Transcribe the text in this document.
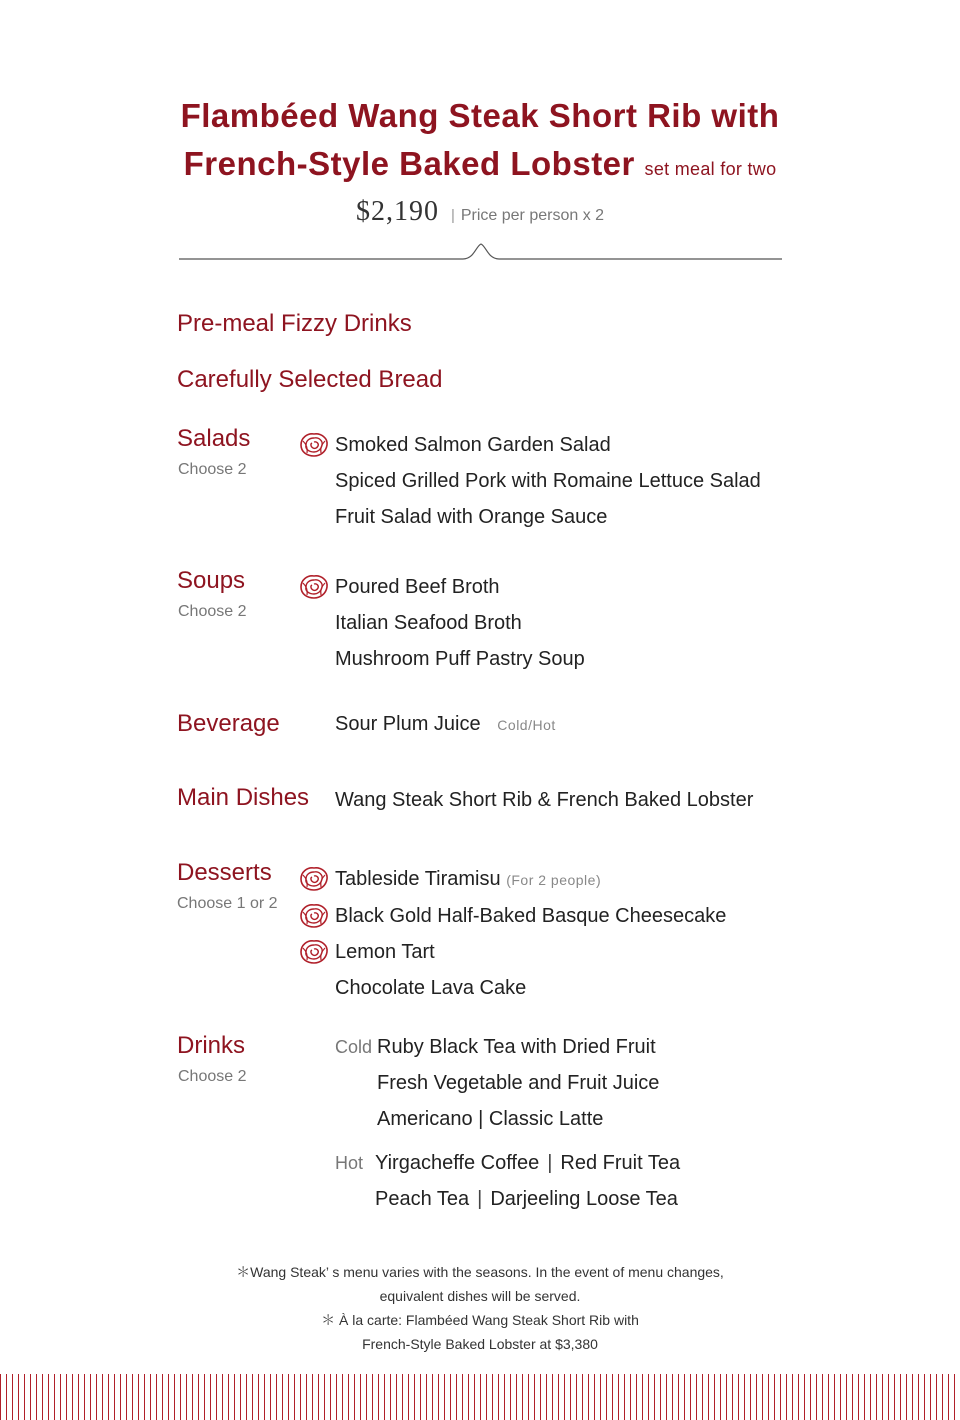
Flambéed Wang Steak Short Rib with
French-Style Baked Lobster set meal for two
$2,190 | Price per person x 2
Pre-meal Fizzy Drinks
Carefully Selected Bread
Salads
Choose 2
Smoked Salmon Garden Salad
Spiced Grilled Pork with Romaine Lettuce Salad
Fruit Salad with Orange Sauce
Soups
Choose 2
Poured Beef Broth
Italian Seafood Broth
Mushroom Puff Pastry Soup
Beverage	Sour Plum Juice Cold/Hot
Main Dishes Wang Steak Short Rib & French Baked Lobster
Desserts
Choose 1 or 2
Tableside Tiramisu (For 2 people)
Black Gold Half-Baked Basque Cheesecake
Lemon Tart
Chocolate Lava Cake
Drinks
Choose 2
Cold Ruby Black Tea with Dried Fruit
Fresh Vegetable and Fruit Juice
Americano | Classic Latte
Hot Yirgacheffe Coffee | Red Fruit Tea
Peach Tea | Darjeeling Loose Tea
＊Wang Steak’ s menu varies with the seasons. In the event of menu changes,
equivalent dishes will be served.
＊ À la carte: Flambéed Wang Steak Short Rib with
French-Style Baked Lobster at $3,380
